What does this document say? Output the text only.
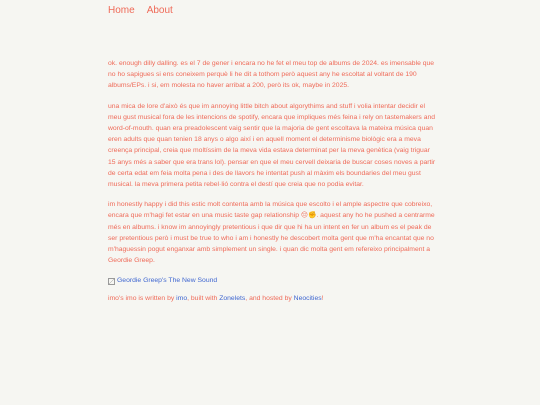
Home About

ok. enough dilly dalling. es el 7 de gener i encara no he fet el meu top de albums de 2024. es imensable que no ho sapigues si ens coneixem perquè li he dit a tothom però aquest any he escoltat al voltant de 190 albums/EPs. i si, em molesta no haver arribat a 200, però its ok, maybe in 2025.

una mica de lore d'això és que im annoying little bitch about algorythims and stuff i volia intentar decidir el meu gust musical fora de les intencions de spotify, encara que impliques més feina i rely on tastemakers and word-of-mouth. quan era preadolescent vaig sentir que la majoria de gent escoltava la mateixa música quan eren adults que quan tenien 18 anys o algo així i en aquell moment el determinisme biològic era a meva creença principal, creia que moltíssim de la meva vida estava determinat per la meva genètica (vaig triguar 15 anys més a saber que era trans lol). pensar en que el meu cervell deixaria de buscar coses noves a partir de certa edat em feia molta pena i des de llavors he intentat push al màxim els boundaries del meu gust musical. la meva primera petita rebel·lió contra el destí que creia que no podia evitar.

im honestly happy i did this estic molt contenta amb la música que escolto i el ample aspectre que cobreixo, encara que m'hagi fet estar en una music taste gap relationship 😔✊. aquest any ho he pushed a centrarme més en albums. i know im annoyingly pretentious i que dir que hi ha un intent en fer un album es el peak de ser pretentious però i must be true to who i am i honestly he descobert molta gent que m'ha encantat que no m'haguessin pogut enganxar amb simplement un single. i quan dic molta gent em refereixo principalment a Geordie Greep.

Geordie Greep's The New Sound

imo's imo is written by imo, built with Zonelets, and hosted by Neocities!
